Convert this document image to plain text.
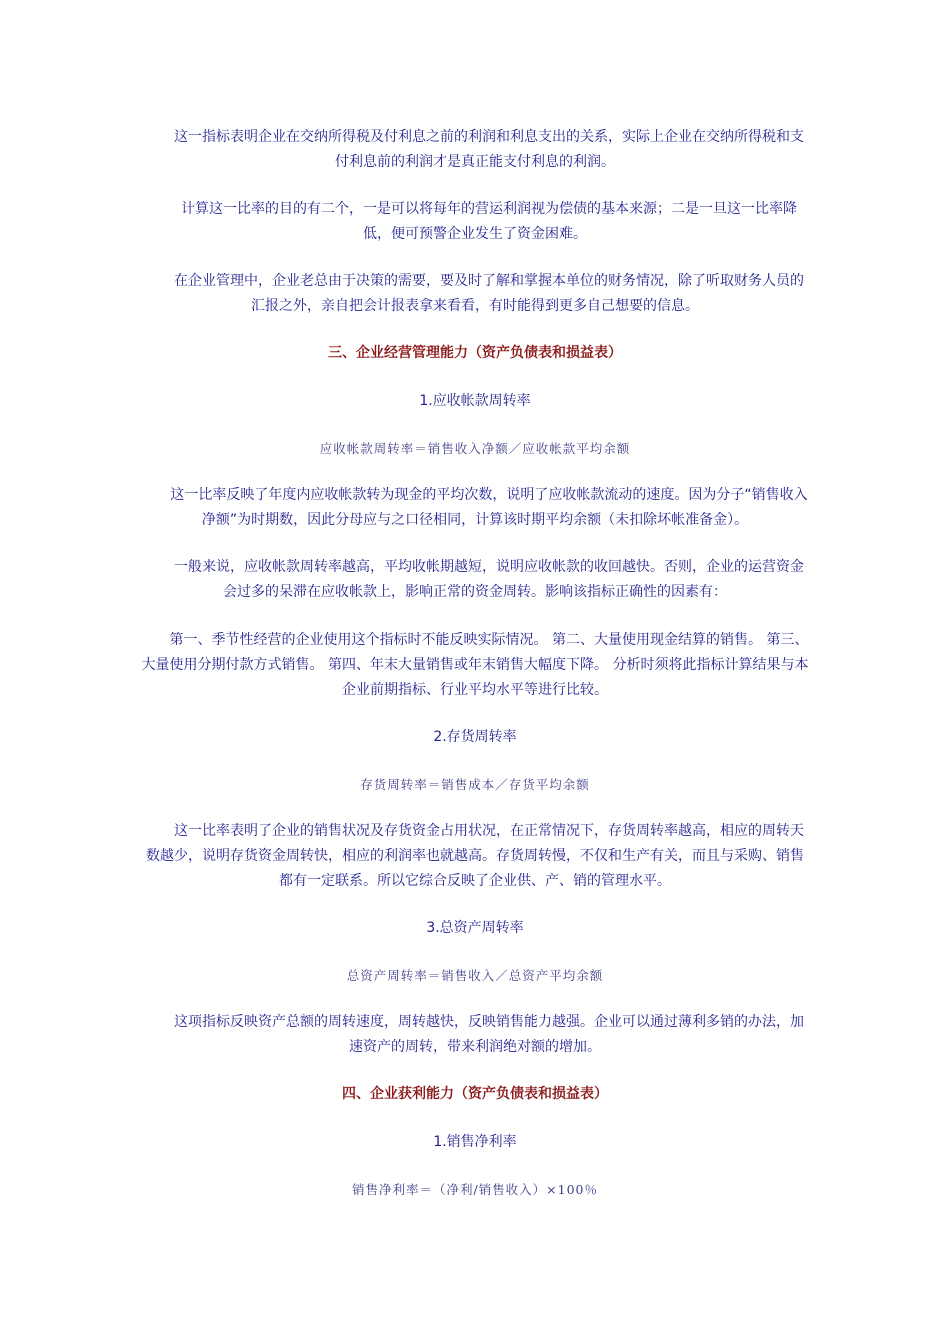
这一指标表明企业在交纳所得税及付利息之前的利润和利息支出的关系，实际上企业在交纳所得税和支付利息前的利润才是真正能支付利息的利润。
计算这一比率的目的有二个，一是可以将每年的营运利润视为偿债的基本来源；二是一旦这一比率降低，便可预警企业发生了资金困难。
在企业管理中，企业老总由于决策的需要，要及时了解和掌握本单位的财务情况，除了听取财务人员的汇报之外，亲自把会计报表拿来看看，有时能得到更多自己想要的信息。
三、企业经营管理能力（资产负债表和损益表）
1.应收帐款周转率
应收帐款周转率＝销售收入净额／应收帐款平均余额
这一比率反映了年度内应收帐款转为现金的平均次数，说明了应收帐款流动的速度。因为分子“销售收入净额”为时期数，因此分母应与之口径相同，计算该时期平均余额（未扣除坏帐准备金）。
一般来说，应收帐款周转率越高，平均收帐期越短，说明应收帐款的收回越快。否则，企业的运营资金会过多的呆滞在应收帐款上，影响正常的资金周转。影响该指标正确性的因素有：
第一、季节性经营的企业使用这个指标时不能反映实际情况。 第二、大量使用现金结算的销售。 第三、大量使用分期付款方式销售。 第四、年末大量销售或年末销售大幅度下降。 分析时须将此指标计算结果与本企业前期指标、行业平均水平等进行比较。
2.存货周转率
存货周转率＝销售成本／存货平均余额
这一比率表明了企业的销售状况及存货资金占用状况，在正常情况下，存货周转率越高，相应的周转天数越少，说明存货资金周转快，相应的利润率也就越高。存货周转慢，不仅和生产有关，而且与采购、销售都有一定联系。所以它综合反映了企业供、产、销的管理水平。
3.总资产周转率
总资产周转率＝销售收入／总资产平均余额
这项指标反映资产总额的周转速度，周转越快，反映销售能力越强。企业可以通过薄利多销的办法，加速资产的周转，带来利润绝对额的增加。
四、企业获利能力（资产负债表和损益表）
1.销售净利率
销售净利率＝（净利/销售收入）×100％
